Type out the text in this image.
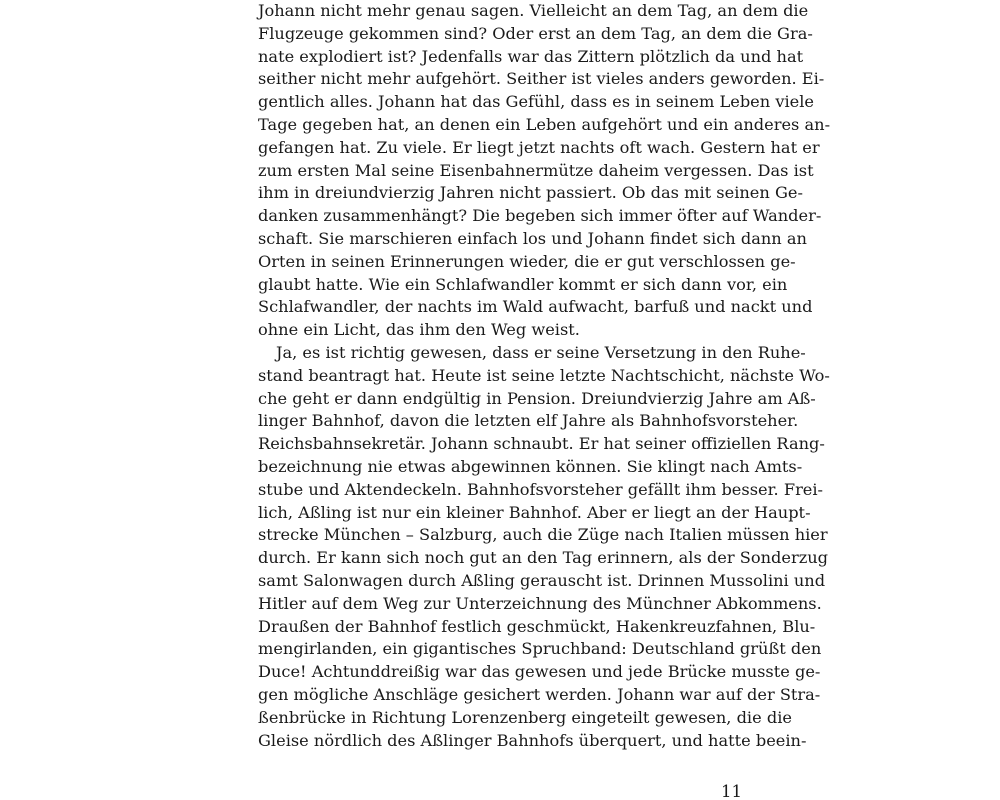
Johann nicht mehr genau sagen. Vielleicht an dem Tag, an dem die
Flugzeuge gekommen sind? Oder erst an dem Tag, an dem die Gra-
nate explodiert ist? Jedenfalls war das Zittern plötzlich da und hat
seither nicht mehr aufgehört. Seither ist vieles anders geworden. Ei-
gentlich alles. Johann hat das Gefühl, dass es in seinem Leben viele
Tage gegeben hat, an denen ein Leben aufgehört und ein anderes an-
gefangen hat. Zu viele. Er liegt jetzt nachts oft wach. Gestern hat er
zum ersten Mal seine Eisenbahnermütze daheim vergessen. Das ist
ihm in dreiundvierzig Jahren nicht passiert. Ob das mit seinen Ge-
danken zusammenhängt? Die begeben sich immer öfter auf Wander-
schaft. Sie marschieren einfach los und Johann findet sich dann an
Orten in seinen Erinnerungen wieder, die er gut verschlossen ge-
glaubt hatte. Wie ein Schlafwandler kommt er sich dann vor, ein
Schlafwandler, der nachts im Wald aufwacht, barfuß und nackt und
ohne ein Licht, das ihm den Weg weist.
Ja, es ist richtig gewesen, dass er seine Versetzung in den Ruhe-
stand beantragt hat. Heute ist seine letzte Nachtschicht, nächste Wo-
che geht er dann endgültig in Pension. Dreiundvierzig Jahre am Aß-
linger Bahnhof, davon die letzten elf Jahre als Bahnhofsvorsteher.
Reichsbahnsekretär. Johann schnaubt. Er hat seiner offiziellen Rang-
bezeichnung nie etwas abgewinnen können. Sie klingt nach Amts-
stube und Aktendeckeln. Bahnhofsvorsteher gefällt ihm besser. Frei-
lich, Aßling ist nur ein kleiner Bahnhof. Aber er liegt an der Haupt-
strecke München – Salzburg, auch die Züge nach Italien müssen hier
durch. Er kann sich noch gut an den Tag erinnern, als der Sonderzug
samt Salonwagen durch Aßling gerauscht ist. Drinnen Mussolini und
Hitler auf dem Weg zur Unterzeichnung des Münchner Abkommens.
Draußen der Bahnhof festlich geschmückt, Hakenkreuzfahnen, Blu-
mengirlanden, ein gigantisches Spruchband: Deutschland grüßt den
Duce! Achtunddreißig war das gewesen und jede Brücke musste ge-
gen mögliche Anschläge gesichert werden. Johann war auf der Stra-
ßenbrücke in Richtung Lorenzenberg eingeteilt gewesen, die die
Gleise nördlich des Aßlinger Bahnhofs überquert, und hatte beein-
11
